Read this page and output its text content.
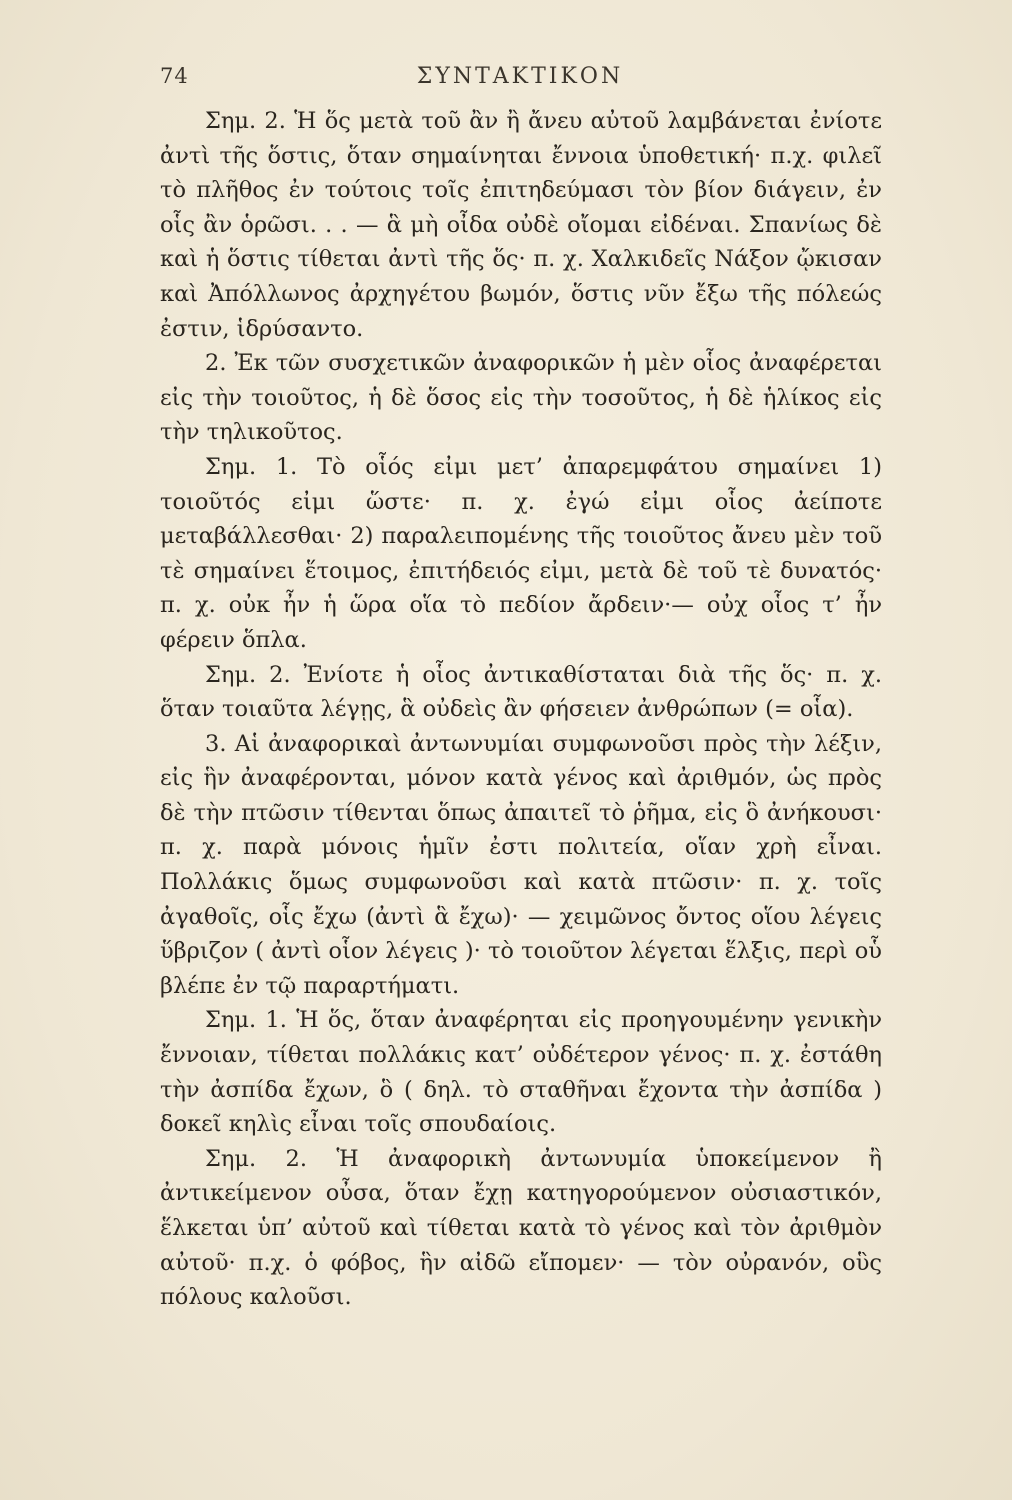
74	ΣΥΝΤΑΚΤΙΚΟΝ

Σημ. 2. Ἡ ὅς μετὰ τοῦ ἂν ἢ ἄνευ αὐτοῦ λαμβάνεται ἐνίοτε ἀντὶ τῆς ὅστις, ὅταν σημαίνηται ἔννοια ὑποθετική· π.χ. φιλεῖ τὸ πλῆθος ἐν τούτοις τοῖς ἐπιτηδεύμασι τὸν βίον διάγειν, ἐν οἷς ἂν ὁρῶσι. . . — ἃ μὴ οἶδα οὐδὲ οἴομαι εἰδέναι. Σπανίως δὲ καὶ ἡ ὅστις τίθεται ἀντὶ τῆς ὅς· π. χ. Χαλκιδεῖς Νάξον ᾤκισαν καὶ Ἀπόλλωνος ἀρχηγέτου βωμόν, ὅστις νῦν ἔξω τῆς πόλεώς ἐστιν, ἱδρύσαντο.

2. Ἐκ τῶν συσχετικῶν ἀναφορικῶν ἡ μὲν οἷος ἀναφέρεται εἰς τὴν τοιοῦτος, ἡ δὲ ὅσος εἰς τὴν τοσοῦτος, ἡ δὲ ἡλίκος εἰς τὴν τηλικοῦτος.

Σημ. 1. Τὸ οἷός εἰμι μετ’ ἀπαρεμφάτου σημαίνει 1) τοιοῦτός εἰμι ὥστε· π. χ. ἐγώ εἰμι οἷος ἀείποτε μεταβάλλεσθαι· 2) παραλειπομένης τῆς τοιοῦτος ἄνευ μὲν τοῦ τὲ σημαίνει ἕτοιμος, ἐπιτήδειός εἰμι, μετὰ δὲ τοῦ τὲ δυνατός· π. χ. οὐκ ἦν ἡ ὥρα οἵα τὸ πεδίον ἄρδειν·— οὐχ οἷος τ’ ἦν φέρειν ὅπλα.

Σημ. 2. Ἐνίοτε ἡ οἷος ἀντικαθίσταται διὰ τῆς ὅς· π. χ. ὅταν τοιαῦτα λέγῃς, ἃ οὐδεὶς ἂν φήσειεν ἀνθρώπων (= οἷα).

3. Αἱ ἀναφορικαὶ ἀντωνυμίαι συμφωνοῦσι πρὸς τὴν λέξιν, εἰς ἣν ἀναφέρονται, μόνον κατὰ γένος καὶ ἀριθμόν, ὡς πρὸς δὲ τὴν πτῶσιν τίθενται ὅπως ἀπαιτεῖ τὸ ῥῆμα, εἰς ὃ ἀνήκουσι· π. χ. παρὰ μόνοις ἡμῖν ἐστι πολιτεία, οἵαν χρὴ εἶναι. Πολλάκις ὅμως συμφωνοῦσι καὶ κατὰ πτῶσιν· π. χ. τοῖς ἀγαθοῖς, οἷς ἔχω (ἀντὶ ἃ ἔχω)· — χειμῶνος ὄντος οἵου λέγεις ὕβριζον ( ἀντὶ οἷον λέγεις )· τὸ τοιοῦτον λέγεται ἕλξις, περὶ οὗ βλέπε ἐν τῷ παραρτήματι.

Σημ. 1. Ἡ ὅς, ὅταν ἀναφέρηται εἰς προηγουμένην γενικὴν ἔννοιαν, τίθεται πολλάκις κατ’ οὐδέτερον γένος· π. χ. ἐστάθη τὴν ἀσπίδα ἔχων, ὃ ( δηλ. τὸ σταθῆναι ἔχοντα τὴν ἀσπίδα ) δοκεῖ κηλὶς εἶναι τοῖς σπουδαίοις.

Σημ. 2. Ἡ ἀναφορικὴ ἀντωνυμία ὑποκείμενον ἢ ἀντικείμενον οὖσα, ὅταν ἔχῃ κατηγορούμενον οὐσιαστικόν, ἕλκεται ὑπ’ αὐτοῦ καὶ τίθεται κατὰ τὸ γένος καὶ τὸν ἀριθμὸν αὐτοῦ· π.χ. ὁ φόβος, ἣν αἰδῶ εἴπομεν· — τὸν οὐρανόν, οὓς πόλους καλοῦσι.
